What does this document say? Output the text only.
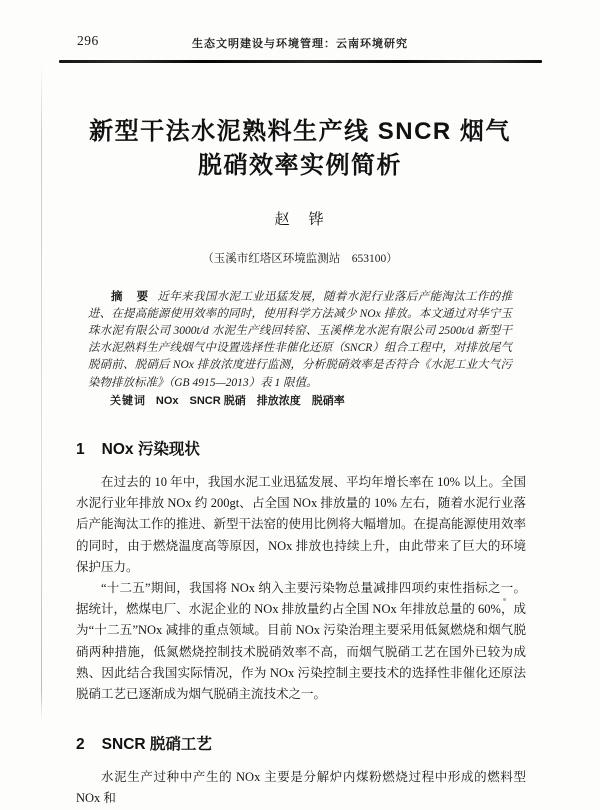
296	生态文明建设与环境管理：云南环境研究
新型干法水泥熟料生产线 SNCR 烟气
脱硝效率实例简析
赵　铧
（玉溪市红塔区环境监测站　653100）

摘　要 近年来我国水泥工业迅猛发展，随着水泥行业落后产能淘汰工作的推进、在提高能源使用效率的同时，使用科学方法减少 NOx 排放。本文通过对华宁玉珠水泥有限公司 3000t/d 水泥生产线回转窑、玉溪桦龙水泥有限公司 2500t/d 新型干法水泥熟料生产线烟气中设置选择性非催化还原（SNCR）组合工程中，对排放尾气脱硝前、脱硝后 NOx 排放浓度进行监测，分析脱硝效率是否符合《水泥工业大气污染物排放标准》（GB 4915—2013）表 1 限值。

关键词 NOx　SNCR 脱硝　排放浓度　脱硝率

1 NOx 污染现状

在过去的 10 年中，我国水泥工业迅猛发展、平均年增长率在 10% 以上。全国水泥行业年排放 NOx 约 200gt、占全国 NOx 排放量的 10% 左右，随着水泥行业落后产能淘汰工作的推进、新型干法窑的使用比例将大幅增加。在提高能源使用效率的同时，由于燃烧温度高等原因，NOx 排放也持续上升，由此带来了巨大的环境保护压力。

“十二五”期间，我国将 NOx 纳入主要污染物总量减排四项约束性指标之一。据统计，燃煤电厂、水泥企业的 NOx 排放量约占全国 NOx 年排放总量的 60%，成为“十二五”NOx 减排的重点领域。目前 NOx 污染治理主要采用低氮燃烧和烟气脱硝两种措施，低氮燃烧控制技术脱硝效率不高，而烟气脱硝工艺在国外已较为成熟、因此结合我国实际情况，作为 NOx 污染控制主要技术的选择性非催化还原法脱硝工艺已逐渐成为烟气脱硝主流技术之一。

2 SNCR 脱硝工艺

水泥生产过种中产生的 NOx 主要是分解炉内煤粉燃烧过程中形成的燃料型 NOx 和
